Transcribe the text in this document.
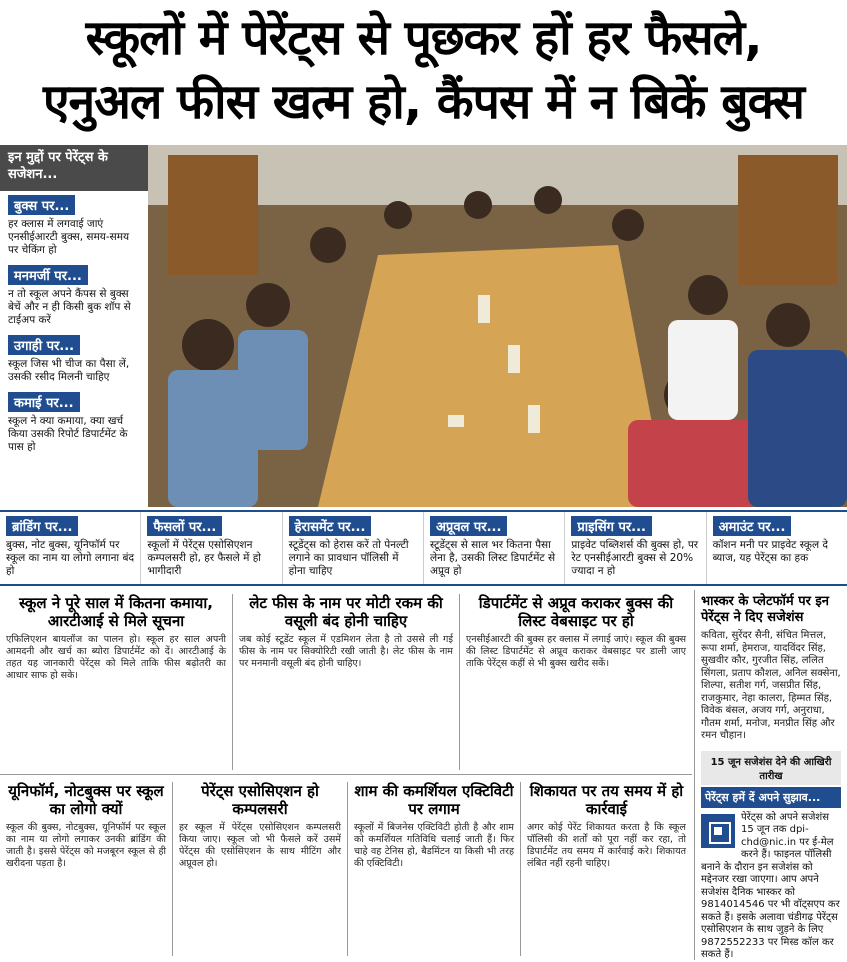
स्कूलों में पेरेंट्स से पूछकर हों हर फैसले,
एनुअल फीस खत्म हो, कैंपस में न बिकें बुक्स
इन मुद्दों पर पेरेंट्स के सजेशन...
बुक्स पर...
हर क्लास में लगवाई जाएं एनसीईआरटी बुक्स, समय-समय पर चेकिंग हो
मनमर्जी पर...
न तो स्कूल अपने कैंपस से बुक्स बेचें और न ही किसी बुक शॉप से टाईअप करें
उगाही पर...
स्कूल जिस भी चीज का पैसा लें, उसकी रसीद मिलनी चाहिए
कमाई पर...
स्कूल ने क्या कमाया, क्या खर्च किया उसकी रिपोर्ट डिपार्टमेंट के पास हो
ब्रांडिंग पर...
बुक्स, नोट बुक्स, यूनिफॉर्म पर स्कूल का नाम या लोगो लगाना बंद हो
फैसलों पर...
स्कूलों में पेरेंट्स एसोसिएशन कम्पलसरी हो, हर फैसले में हो भागीदारी
हेरासमेंट पर...
स्टूडेंट्स को हेरास करें तो पेनल्टी लगाने का प्रावधान पॉलिसी में होना चाहिए
अप्रूवल पर...
स्टूडेंट्स से साल भर कितना पैसा लेना है, उसकी लिस्ट डिपार्टमेंट से अप्रूव हो
प्राइसिंग पर...
प्राइवेट पब्लिशर्स की बुक्स हो, पर रेट एनसीईआरटी बुक्स से 20% ज्यादा न हो
अमाउंट पर...
कॉशन मनी पर प्राइवेट स्कूल दे ब्याज, यह पेरेंट्स का हक
स्कूल ने पूरे साल में कितना कमाया, आरटीआई से मिले सूचना

एफिलिएशन बायलॉज का पालन हो। स्कूल हर साल अपनी आमदनी और खर्च का ब्योरा डिपार्टमेंट को दें। आरटीआई के तहत यह जानकारी पेरेंट्स को मिले ताकि फीस बढ़ोतरी का आधार साफ हो सके।

लेट फीस के नाम पर मोटी रकम की वसूली बंद होनी चाहिए

जब कोई स्टूडेंट स्कूल में एडमिशन लेता है तो उससे ली गई फीस के नाम पर सिक्योरिटी रखी जाती है। लेट फीस के नाम पर मनमानी वसूली बंद होनी चाहिए।

डिपार्टमेंट से अप्रूव कराकर बुक्स की लिस्ट वेबसाइट पर हो

एनसीईआरटी की बुक्स हर क्लास में लगाई जाएं। स्कूल की बुक्स की लिस्ट डिपार्टमेंट से अप्रूव कराकर वेबसाइट पर डाली जाए ताकि पेरेंट्स कहीं से भी बुक्स खरीद सकें।

यूनिफॉर्म, नोटबुक्स पर स्कूल का लोगो क्यों

स्कूल की बुक्स, नोटबुक्स, यूनिफॉर्म पर स्कूल का नाम या लोगो लगाकर उनकी ब्रांडिंग की जाती है। इससे पेरेंट्स को मजबूरन स्कूल से ही खरीदना पड़ता है।

पेरेंट्स एसोसिएशन हो कम्पलसरी

हर स्कूल में पेरेंट्स एसोसिएशन कम्पलसरी किया जाए। स्कूल जो भी फैसले करें उसमें पेरेंट्स की एसोसिएशन के साथ मीटिंग और अप्रूवल हो।

शाम की कमर्शियल एक्टिविटी पर लगाम

स्कूलों में बिजनेस एक्टिविटी होती है और शाम को कमर्शियल गतिविधि चलाई जाती हैं। फिर चाहे वह टेनिस हो, बैडमिंटन या किसी भी तरह की एक्टिविटी।

शिकायत पर तय समय में हो कार्रवाई

अगर कोई पेरेंट शिकायत करता है कि स्कूल पॉलिसी की शर्तों को पूरा नहीं कर रहा, तो डिपार्टमेंट तय समय में कार्रवाई करे। शिकायत लंबित नहीं रहनी चाहिए।

भास्कर के प्लेटफॉर्म पर इन पेरेंट्स ने दिए सजेशंस

कविता, सुरेंदर सैनी, संचित मित्तल, रूपा शर्मा, हेमराज, यादविंदर सिंह, सुखवीर कौर, गुरजीत सिंह, ललित सिंगला, प्रताप कौशल, अनिल सक्सेना, शिल्पा, सतीश गर्ग, जसप्रीत सिंह, राजकुमार, नेहा कालरा, हिम्मत सिंह, विवेक बंसल, अजय गर्ग, अनुराधा, गौतम शर्मा, मनोज, मनप्रीत सिंह और रमन चौहान।

15 जून सजेशंस देने की आखिरी तारीख
पेरेंट्स हमें दें अपने सुझाव...
पेरेंट्स को अपने सजेशंस 15 जून तक dpi-chd@nic.in पर ई-मेल करने हैं। फाइनल पॉलिसी बनाने के दौरान इन सजेशंस को मद्देनजर रखा जाएगा। आप अपने सजेशंस दैनिक भास्कर को 9814014546 पर भी वॉट्सएप कर सकते हैं। इसके अलावा चंडीगढ़ पेरेंट्स एसोसिएशन के साथ जुड़ने के लिए 9872552233 पर मिस्ड कॉल कर सकते हैं।
